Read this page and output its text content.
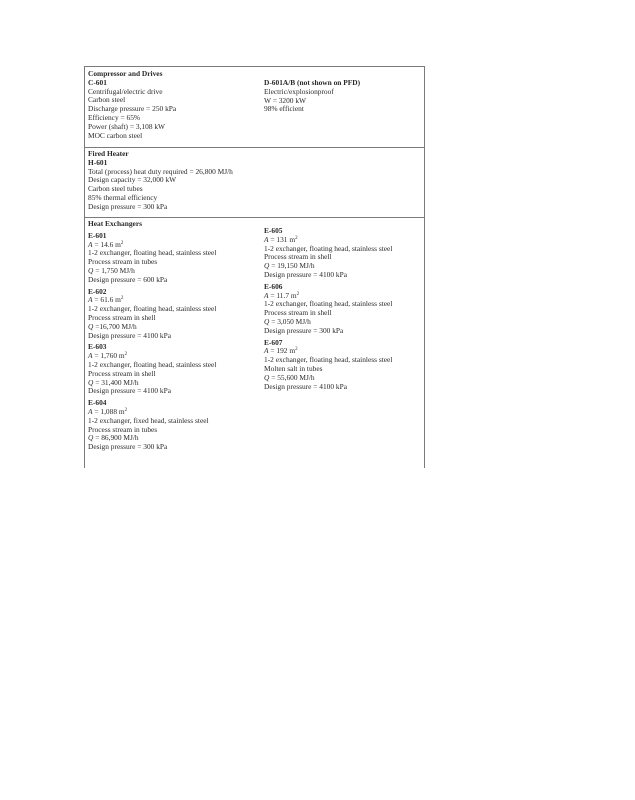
Compressor and Drives
C-601
Centrifugal/electric drive
Carbon steel
Discharge pressure = 250 kPa
Efficiency = 65%
Power (shaft) = 3,108 kW
MOC carbon steel
D-601A/B (not shown on PFD)
Electric/explosionproof
W = 3200 kW
98% efficient
Fired Heater
H-601
Total (process) heat duty required = 26,800 MJ/h
Design capacity = 32,000 kW
Carbon steel tubes
85% thermal efficiency
Design pressure = 300 kPa
Heat Exchangers
E-601
A = 14.6 $m^2$
1-2 exchanger, floating head, stainless steel
Process stream in tubes
Q = 1,750 MJ/h
Design pressure = 600 kPa
E-602
A = 61.6 $m^2$
1-2 exchanger, floating head, stainless steel
Process stream in shell
Q =16,700 MJ/h
Design pressure = 4100 kPa
E-603
A = 1,760 $m^2$
1-2 exchanger, floating head, stainless steel
Process stream in shell
Q = 31,400 MJ/h
Design pressure = 4100 kPa
E-604
A = 1,088 $m^2$
1-2 exchanger, fixed head, stainless steel
Process stream in tubes
Q = 86,900 MJ/h
Design pressure = 300 kPa
E-605
A = 131 $m^2$
1-2 exchanger, floating head, stainless steel
Process stream in shell
Q = 19,150 MJ/h
Design pressure = 4100 kPa
E-606
A = 11.7 $m^2$
1-2 exchanger, floating head, stainless steel
Process stream in shell
Q = 3,050 MJ/h
Design pressure = 300 kPa
E-607
A = 192 $m^2$
1-2 exchanger, floating head, stainless steel
Molten salt in tubes
Q = 55,600 MJ/h
Design pressure = 4100 kPa
